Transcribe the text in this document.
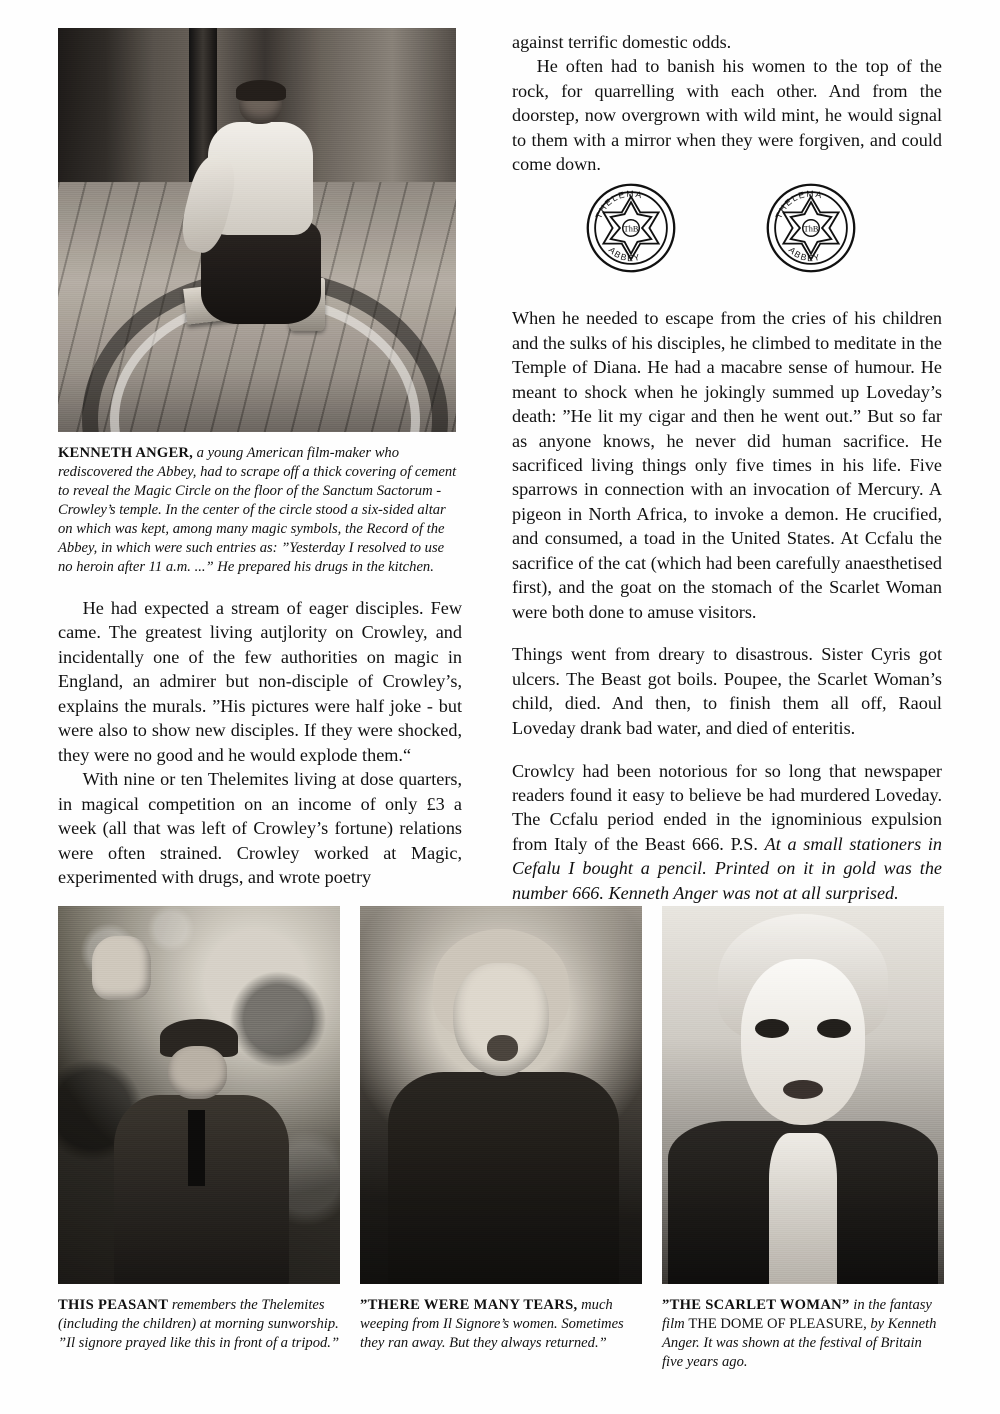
KENNETH ANGER, a young American film-maker who rediscovered the Abbey, had to scrape off a thick covering of cement to reveal the Magic Circle on the floor of the Sanctum Sactorum - Crowley’s temple. In the center of the circle stood a six-sided altar on which was kept, among many magic symbols, the Record of the Abbey, in which were such entries as: ”Yesterday I resolved to use no heroin after 11 a.m. ...” He prepared his drugs in the kitchen.

He had expected a stream of eager disciples. Few came. The greatest living autjlority on Crowley, and incidentally one of the few authorities on magic in England, an admirer but non-disciple of Crowley’s, explains the murals. ”His pictures were half joke - but were also to show new disciples. If they were shocked, they were no good and he would explode them.“

With nine or ten Thelemites living at dose quarters, in magical competition on an income of only £3 a week (all that was left of Crowley’s fortune) relations were often strained. Crowley worked at Magic, experimented with drugs, and wrote poetry

against terrific domestic odds.

He often had to banish his women to the top of the rock, for quarrelling with each other. And from the doorstep, now overgrown with wild mint, he would signal to them with a mirror when they were forgiven, and could come down.

ThB
THELEMA
ABBEY
ThB
THELEMA
ABBEY

When he needed to escape from the cries of his children and the sulks of his disciples, he climbed to meditate in the Temple of Diana. He had a macabre sense of humour. He meant to shock when he jokingly summed up Loveday’s death: ”He lit my cigar and then he went out.” But so far as anyone knows, he never did human sacrifice. He sacrificed living things only five times in his life. Five sparrows in connection with an invocation of Mercury. A pigeon in North Africa, to invoke a demon. He crucified, and consumed, a toad in the United States. At Ccfalu the sacrifice of the cat (which had been carefully anaesthetised first), and the goat on the stomach of the Scarlet Woman were both done to amuse visitors.

Things went from dreary to disastrous. Sister Cyris got ulcers. The Beast got boils. Poupee, the Scarlet Woman’s child, died. And then, to finish them all off, Raoul Loveday drank bad water, and died of enteritis.

Crowlcy had been notorious for so long that newspaper readers found it easy to believe be had murdered Loveday. The Ccfalu period ended in the ignominious expulsion from Italy of the Beast 666. P.S. At a small stationers in Cefalu I bought a pencil. Printed on it in gold was the number 666. Kenneth Anger was not at all surprised.

THIS PEASANT remembers the Thelemites (including the children) at morning sunworship. ”Il signore prayed like this in front of a tripod.”
”THERE WERE MANY TEARS, much weeping from Il Signore’s women. Sometimes they ran away. But they always returned.”
”THE SCARLET WOMAN” in the fantasy film THE DOME OF PLEASURE, by Kenneth Anger. It was shown at the festival of Britain five years ago.
